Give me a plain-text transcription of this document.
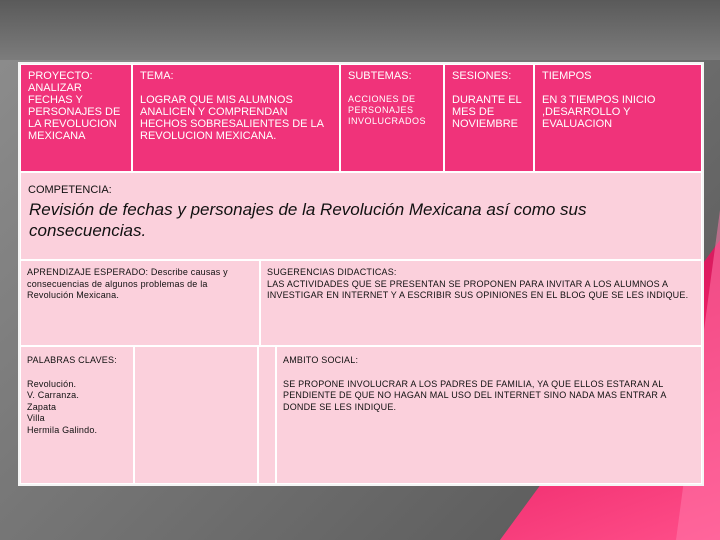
PROYECTO: ANALIZAR FECHAS Y PERSONAJES DE LA REVOLUCION MEXICANA
TEMA:
LOGRAR QUE MIS ALUMNOS ANALICEN Y COMPRENDAN HECHOS SOBRESALIENTES DE LA REVOLUCION MEXICANA.
SUBTEMAS:
ACCIONES DE PERSONAJES INVOLUCRADOS
SESIONES:
DURANTE EL MES DE NOVIEMBRE
TIEMPOS
EN 3 TIEMPOS INICIO ,DESARROLLO Y EVALUACION
COMPETENCIA:
Revisión de fechas y personajes de la Revolución Mexicana así como sus consecuencias.
APRENDIZAJE ESPERADO: Describe causas y consecuencias de algunos problemas de la Revolución Mexicana.
SUGERENCIAS DIDACTICAS:
LAS ACTIVIDADES QUE SE PRESENTAN SE PROPONEN PARA INVITAR A LOS ALUMNOS A INVESTIGAR EN INTERNET Y A ESCRIBIR SUS OPINIONES EN EL BLOG QUE SE LES INDIQUE.
PALABRAS CLAVES:
Revolución.
V. Carranza.
Zapata
Villa
Hermila Galindo.
AMBITO SOCIAL:
SE PROPONE INVOLUCRAR A LOS PADRES DE FAMILIA, YA QUE ELLOS ESTARAN AL PENDIENTE DE QUE NO HAGAN MAL USO DEL INTERNET SINO NADA MAS ENTRAR A DONDE SE LES INDIQUE.
